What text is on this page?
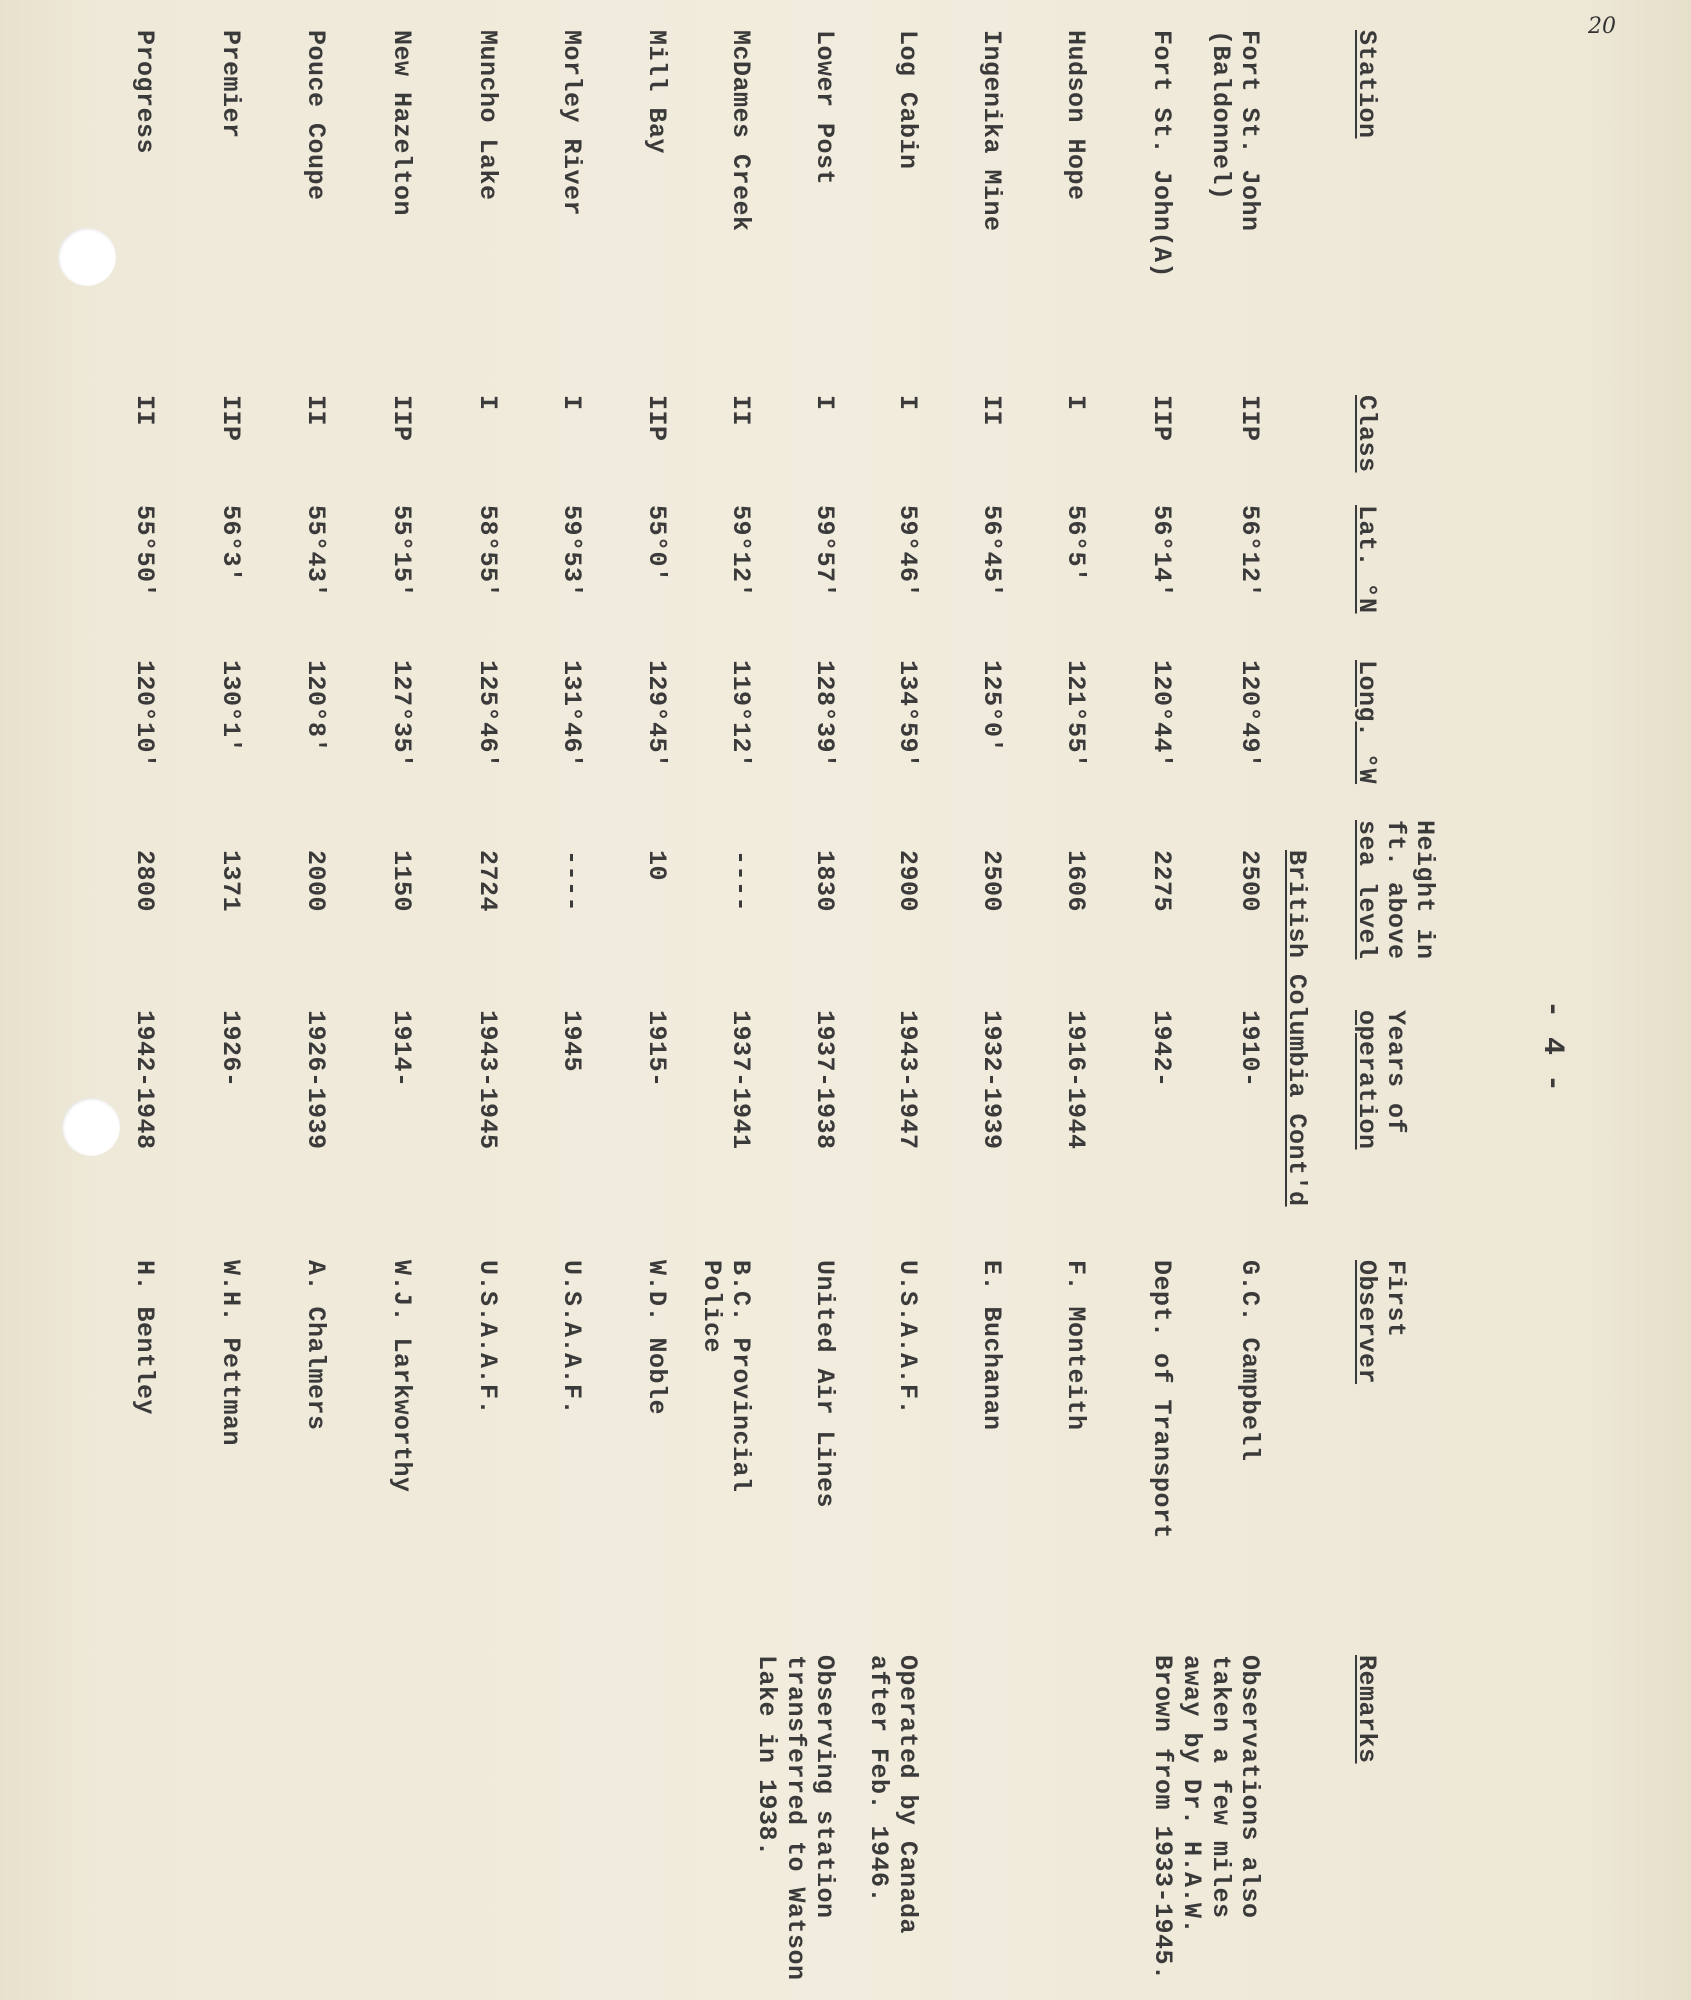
20
- 4 -
Station
Class
Lat. °N
Long. °W
Height in
ft. above
sea level
Years of
operation
First
Observer
Remarks
British Columbia Cont'd
Fort St. John
(Baldonnel)
IIP
56°12'
120°49'
2500
1910-
G.C. Campbell
Observations also
taken a few miles
away by Dr. H.A.W.
Brown from 1933-1945.
Fort St. John(A)
IIP
56°14'
120°44'
2275
1942-
Dept. of Transport
Hudson Hope
I
56°5'
121°55'
1606
1916-1944
F. Monteith
Ingenika Mine
II
56°45'
125°0'
2500
1932-1939
E. Buchanan
Log Cabin
I
59°46'
134°59'
2900
1943-1947
U.S.A.A.F.
Operated by Canada
after Feb. 1946.
Lower Post
I
59°57'
128°39'
1830
1937-1938
United Air Lines
Observing station
transferred to Watson
Lake in 1938.
McDames Creek
II
59°12'
119°12'
----
1937-1941
B.C. Provincial
Police
Mill Bay
IIP
55°0'
129°45'
10
1915-
W.D. Noble
Morley River
I
59°53'
131°46'
----
1945
U.S.A.A.F.
Muncho Lake
I
58°55'
125°46'
2724
1943-1945
U.S.A.A.F.
New Hazelton
IIP
55°15'
127°35'
1150
1914-
W.J. Larkworthy
Pouce Coupe
II
55°43'
120°8'
2000
1926-1939
A. Chalmers
Premier
IIP
56°3'
130°1'
1371
1926-
W.H. Pettman
Progress
II
55°50'
120°10'
2800
1942-1948
H. Bentley
